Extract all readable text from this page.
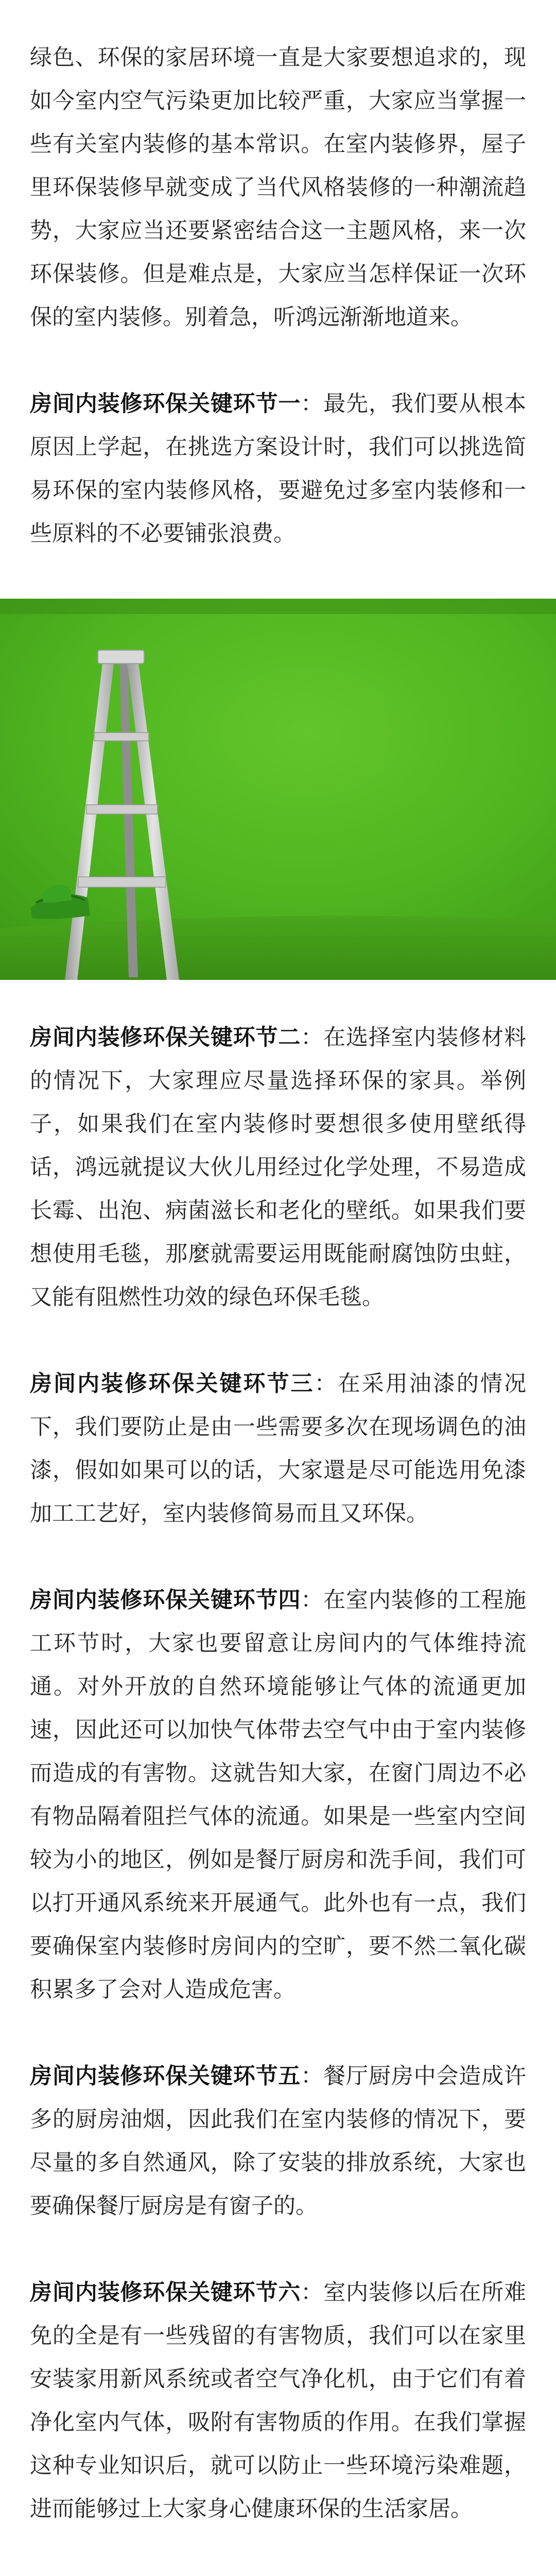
绿色、环保的家居环境一直是大家要想追求的，现如今室内空气污染更加比较严重，大家应当掌握一些有关室内装修的基本常识。在室内装修界，屋子里环保装修早就变成了当代风格装修的一种潮流趋势，大家应当还要紧密结合这一主题风格，来一次环保装修。但是难点是，大家应当怎样保证一次环保的室内装修。别着急，听鸿远渐渐地道来。

房间内装修环保关键环节一：最先，我们要从根本原因上学起，在挑选方案设计时，我们可以挑选简易环保的室内装修风格，要避免过多室内装修和一些原料的不必要铺张浪费。

房间内装修环保关键环节二：在选择室内装修材料的情况下，大家理应尽量选择环保的家具。举例子，如果我们在室内装修时要想很多使用壁纸得话，鸿远就提议大伙儿用经过化学处理，不易造成长霉、出泡、病菌滋长和老化的壁纸。如果我们要想使用毛毯，那麼就需要运用既能耐腐蚀防虫蛀，又能有阻燃性功效的绿色环保毛毯。

房间内装修环保关键环节三：在采用油漆的情况下，我们要防止是由一些需要多次在现场调色的油漆，假如如果可以的话，大家還是尽可能选用免漆加工工艺好，室内装修简易而且又环保。

房间内装修环保关键环节四：在室内装修的工程施工环节时，大家也要留意让房间内的气体维持流通。对外开放的自然环境能够让气体的流通更加速，因此还可以加快气体带去空气中由于室内装修而造成的有害物。这就告知大家，在窗门周边不必有物品隔着阻拦气体的流通。如果是一些室内空间较为小的地区，例如是餐厅厨房和洗手间，我们可以打开通风系统来开展通气。此外也有一点，我们要确保室内装修时房间内的空旷，要不然二氧化碳积累多了会对人造成危害。

房间内装修环保关键环节五：餐厅厨房中会造成许多的厨房油烟，因此我们在室内装修的情况下，要尽量的多自然通风，除了安装的排放系统，大家也要确保餐厅厨房是有窗子的。

房间内装修环保关键环节六：室内装修以后在所难免的全是有一些残留的有害物质，我们可以在家里安装家用新风系统或者空气净化机，由于它们有着净化室内气体，吸附有害物质的作用。在我们掌握这种专业知识后，就可以防止一些环境污染难题，进而能够过上大家身心健康环保的生活家居。
